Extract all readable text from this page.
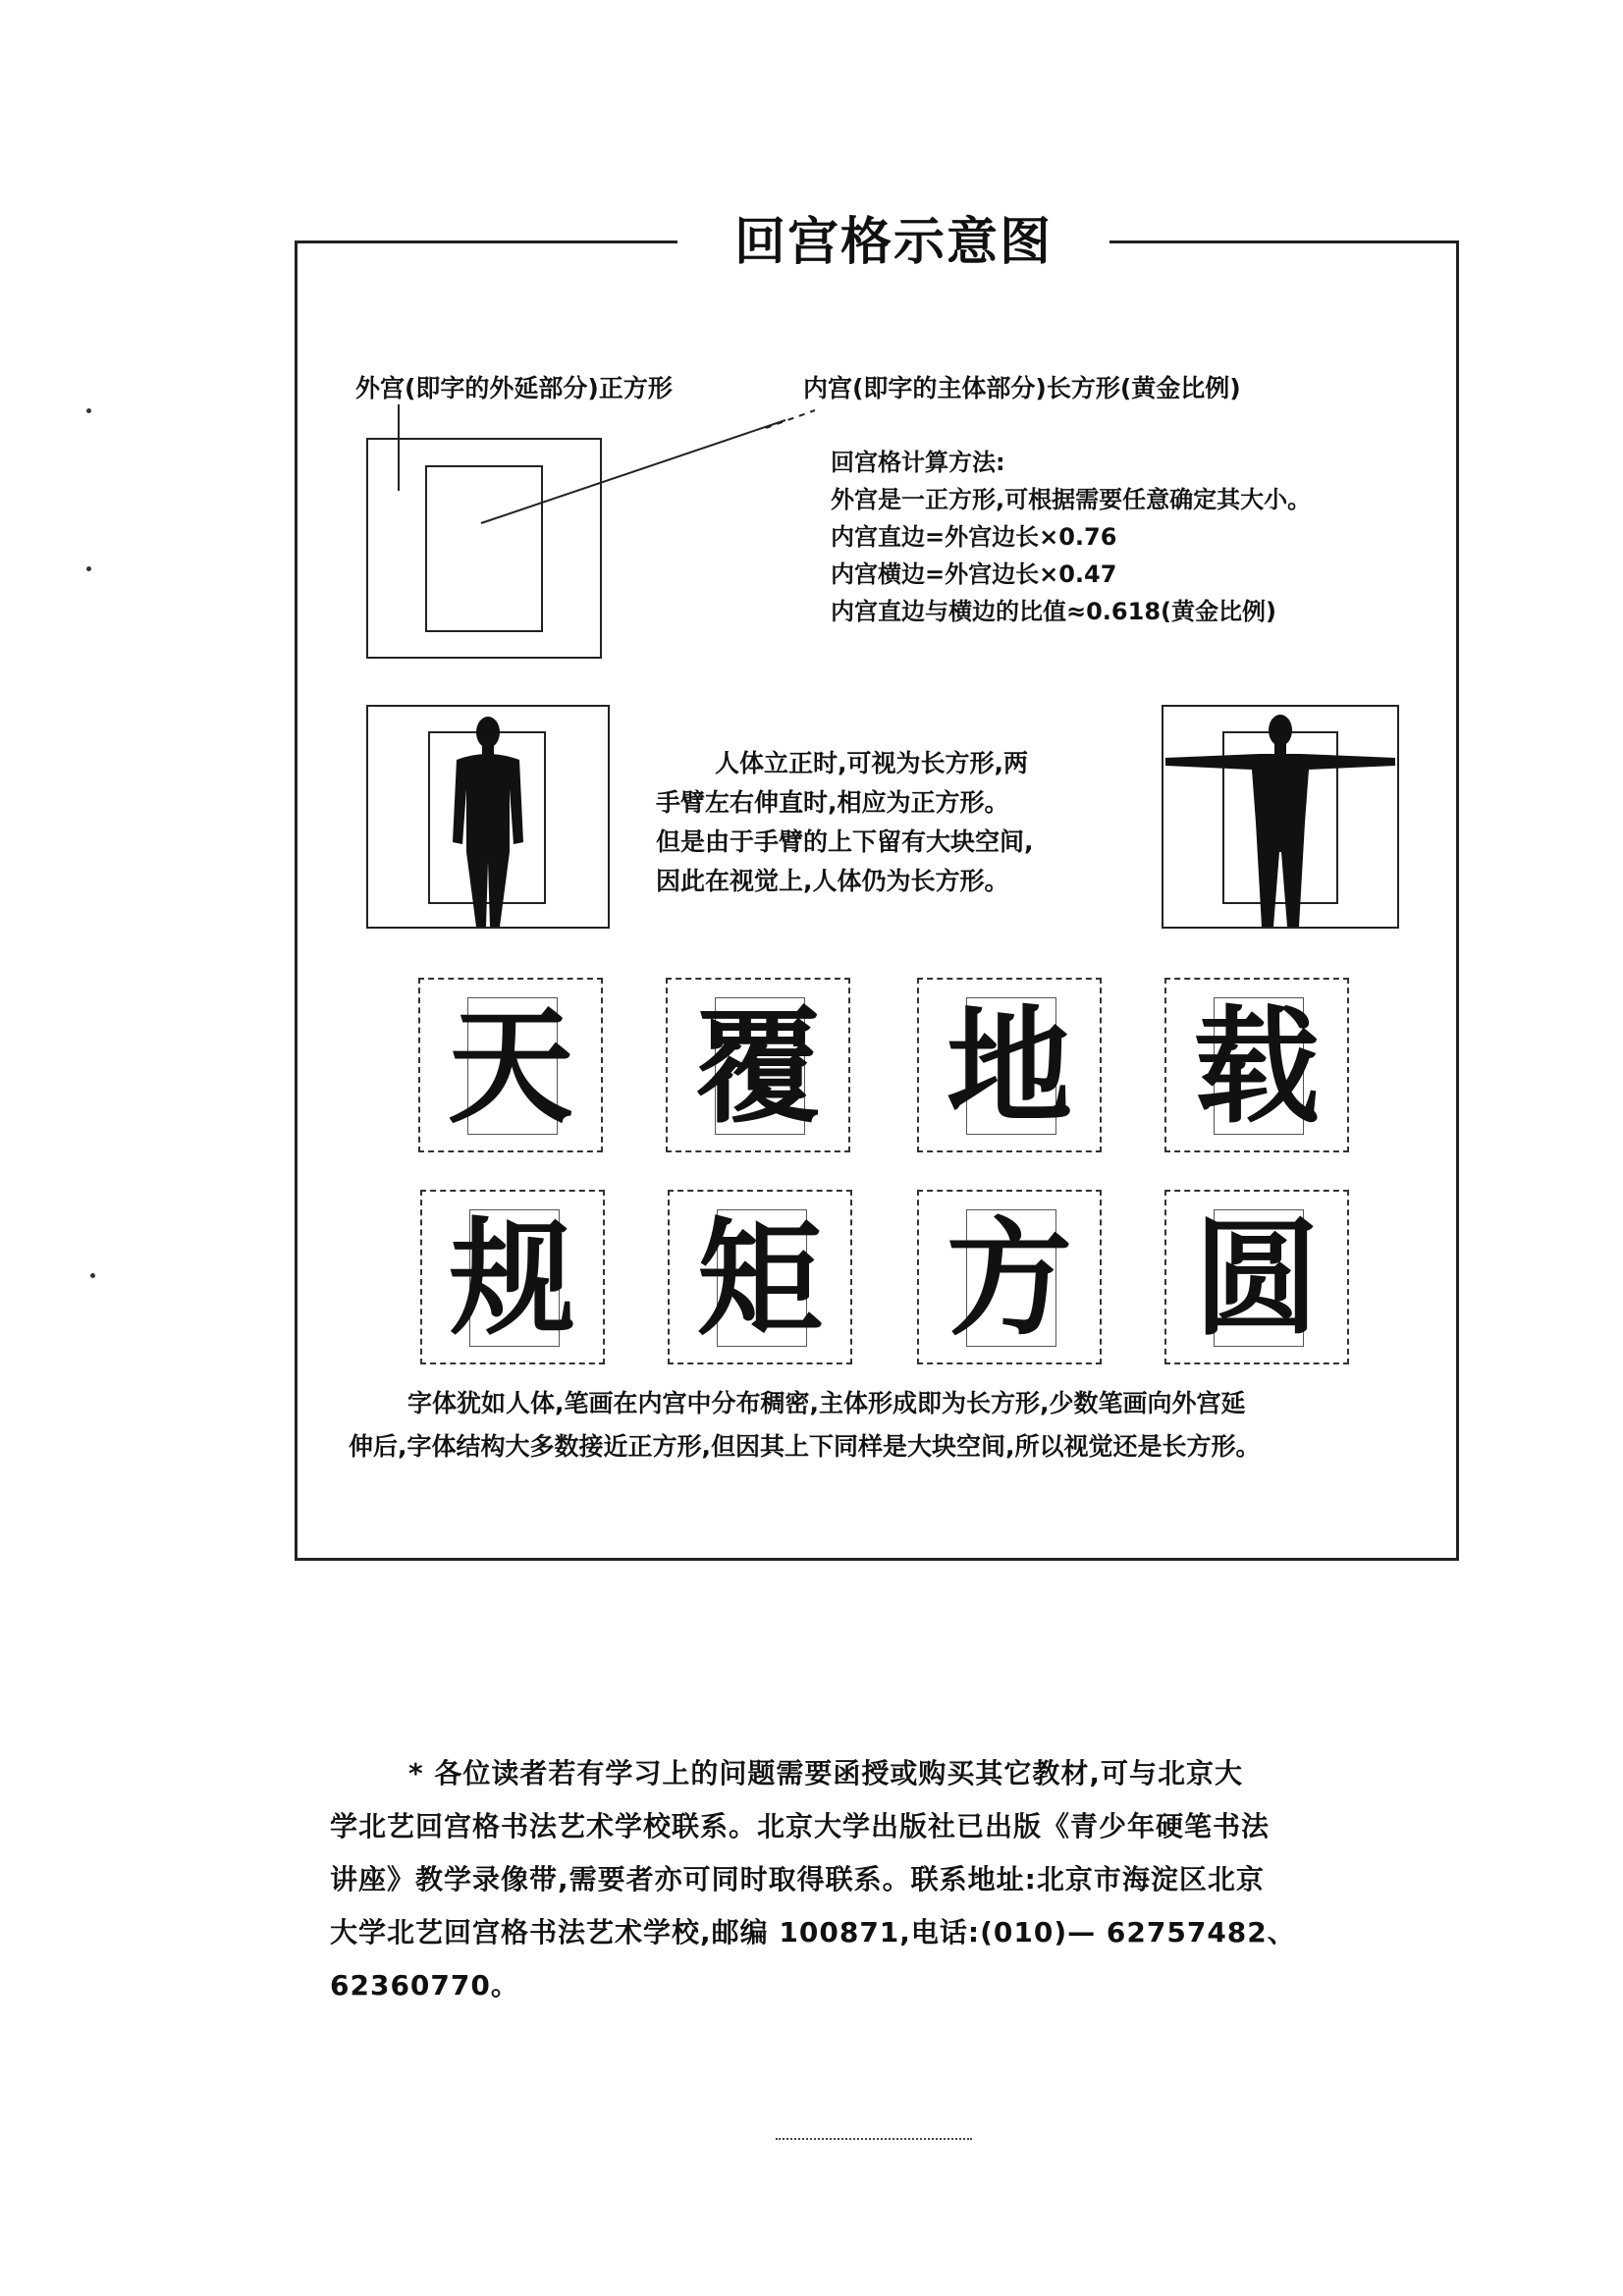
回宫格示意图
外宫(即字的外延部分)正方形	内宫(即字的主体部分)长方形(黄金比例)
回宫格计算方法:
外宫是一正方形,可根据需要任意确定其大小。
内宫直边=外宫边长×0.76
内宫横边=外宫边长×0.47
内宫直边与横边的比值≈0.618(黄金比例)
人体立正时,可视为长方形,两
手臂左右伸直时,相应为正方形。
但是由于手臂的上下留有大块空间,
因此在视觉上,人体仍为长方形。
天 覆 地 载
规 矩 方 圆
字体犹如人体,笔画在内宫中分布稠密,主体形成即为长方形,少数笔画向外宫延
伸后,字体结构大多数接近正方形,但因其上下同样是大块空间,所以视觉还是长方形。
* 各位读者若有学习上的问题需要函授或购买其它教材,可与北京大
学北艺回宫格书法艺术学校联系。北京大学出版社已出版《青少年硬笔书法
讲座》教学录像带,需要者亦可同时取得联系。联系地址:北京市海淀区北京
大学北艺回宫格书法艺术学校,邮编 100871,电话:(010)— 62757482、
62360770。
